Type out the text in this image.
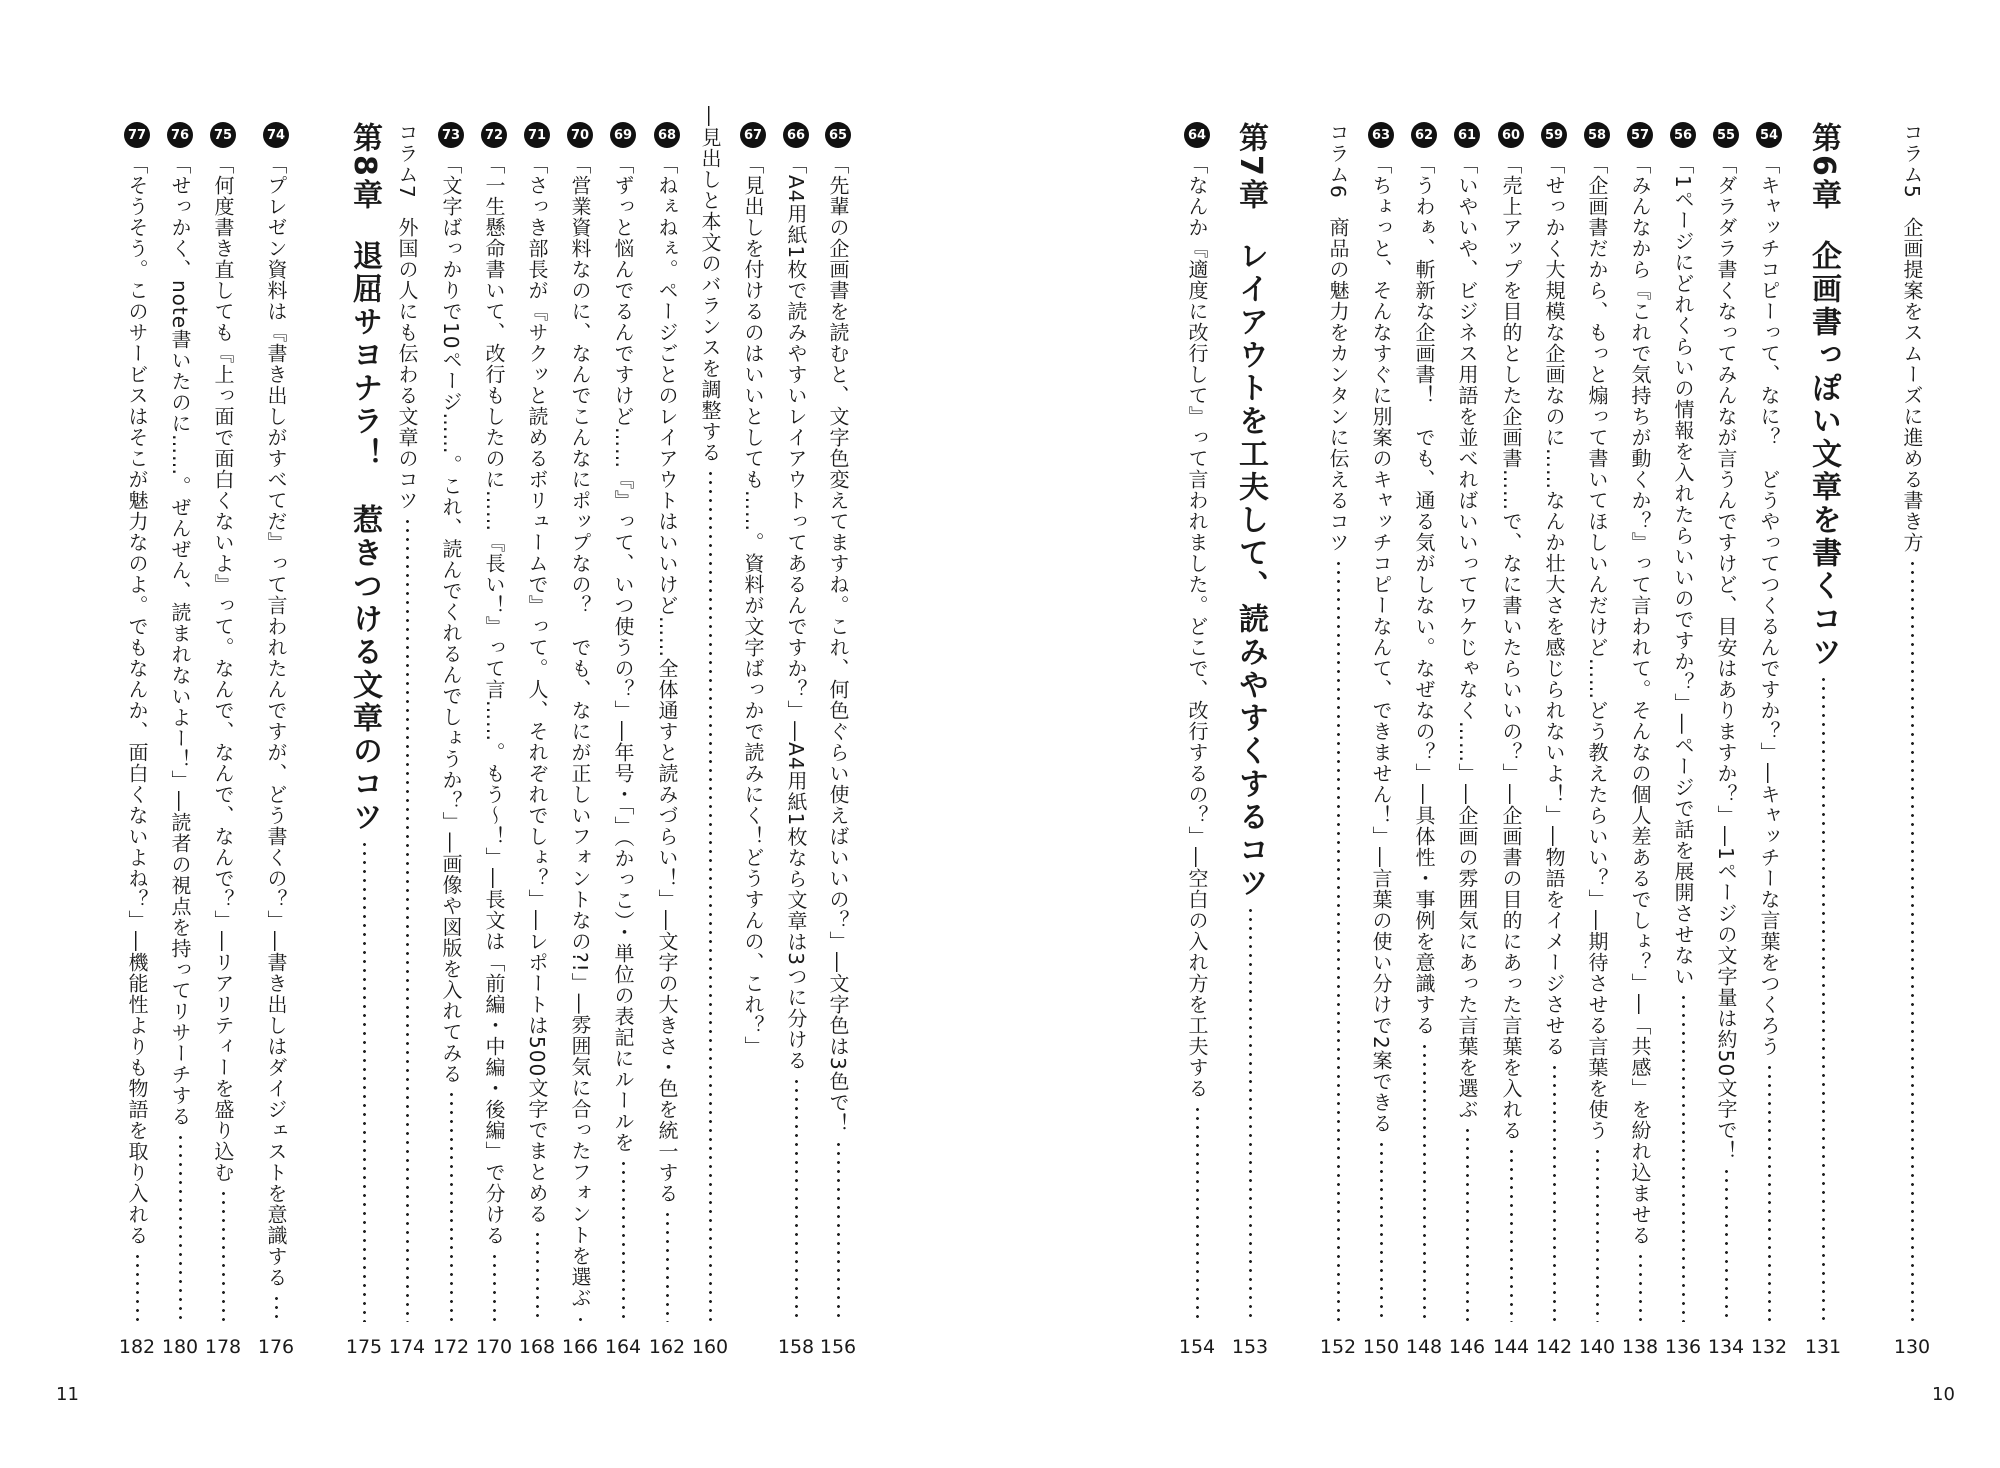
10
11
コラム5
企画提案をスムーズに進める書き方
130
第6章
企画書っぽい文章を書くコツ
131
54
「キャッチコピーって、なに？　どうやってつくるんですか？」―キャッチーな言葉をつくろう
132
55
「ダラダラ書くなってみんなが言うんですけど、目安はありますか？」―1ページの文字量は約50文字で！
134
56
「1ページにどれくらいの情報を入れたらいいのですか？」―ページで話を展開させない
136
57
「みんなから『これで気持ちが動くか？』って言われて。そんなの個人差あるでしょ？」―「共感」を紛れ込ませる
138
58
「企画書だから、もっと煽って書いてほしいんだけど……どう教えたらいい？」―期待させる言葉を使う
140
59
「せっかく大規模な企画なのに……なんか壮大さを感じられないよ！」―物語をイメージさせる
142
60
「売上アップを目的とした企画書……で、なに書いたらいいの？」―企画書の目的にあった言葉を入れる
144
61
「いやいや、ビジネス用語を並べればいいってワケじゃなく……」―企画の雰囲気にあった言葉を選ぶ
146
62
「うわぁ、斬新な企画書！　でも、通る気がしない。なぜなの？」―具体性・事例を意識する
148
63
「ちょっと、そんなすぐに別案のキャッチコピーなんて、できません！」―言葉の使い分けで2案できる
150
コラム6
商品の魅力をカンタンに伝えるコツ
152
第7章
レイアウトを工夫して、読みやすくするコツ
153
64
「なんか『適度に改行して』って言われました。どこで、改行するの？」―空白の入れ方を工夫する
154
65
「先輩の企画書を読むと、文字色変えてますね。これ、何色ぐらい使えばいいの？」―文字色は3色で！
156
66
「A4用紙1枚で読みやすいレイアウトってあるんですか？」―A4用紙1枚なら文章は3つに分ける
158
67
「見出しを付けるのはいいとしても……。資料が文字ばっかで読みにく！どうすんの、これ？」
―見出しと本文のバランスを調整する
160
68
「ねぇねぇ。ページごとのレイアウトはいいけど……全体通すと読みづらい！」―文字の大きさ・色を統一する
162
69
「ずっと悩んでるんですけど……『』って、いつ使うの？」―年号・「」（かっこ）・単位の表記にルールを
164
70
「営業資料なのに、なんでこんなにポップなの？　でも、なにが正しいフォントなの?!」―雰囲気に合ったフォントを選ぶ
166
71
「さっき部長が『サクッと読めるボリュームで』って。人、それぞれでしょ？」―レポートは500文字でまとめる
168
72
「一生懸命書いて、改行もしたのに……『長い！』って言……。もう～！」―長文は「前編・中編・後編」で分ける
170
73
「文字ばっかりで10ページ……。これ、読んでくれるんでしょうか？」―画像や図版を入れてみる
172
コラム7
外国の人にも伝わる文章のコツ
174
第8章
退屈サヨナラ！　惹きつける文章のコツ
175
74
「プレゼン資料は『書き出しがすべてだ』って言われたんですが、どう書くの？」―書き出しはダイジェストを意識する
176
75
「何度書き直しても『上っ面で面白くないよ』って。なんで、なんで、なんで？」―リアリティーを盛り込む
178
76
「せっかく、note書いたのに……。ぜんぜん、読まれないよー！」―読者の視点を持ってリサーチする
180
77
「そうそう。このサービスはそこが魅力なのよ。でもなんか、面白くないよね？」―機能性よりも物語を取り入れる
182
